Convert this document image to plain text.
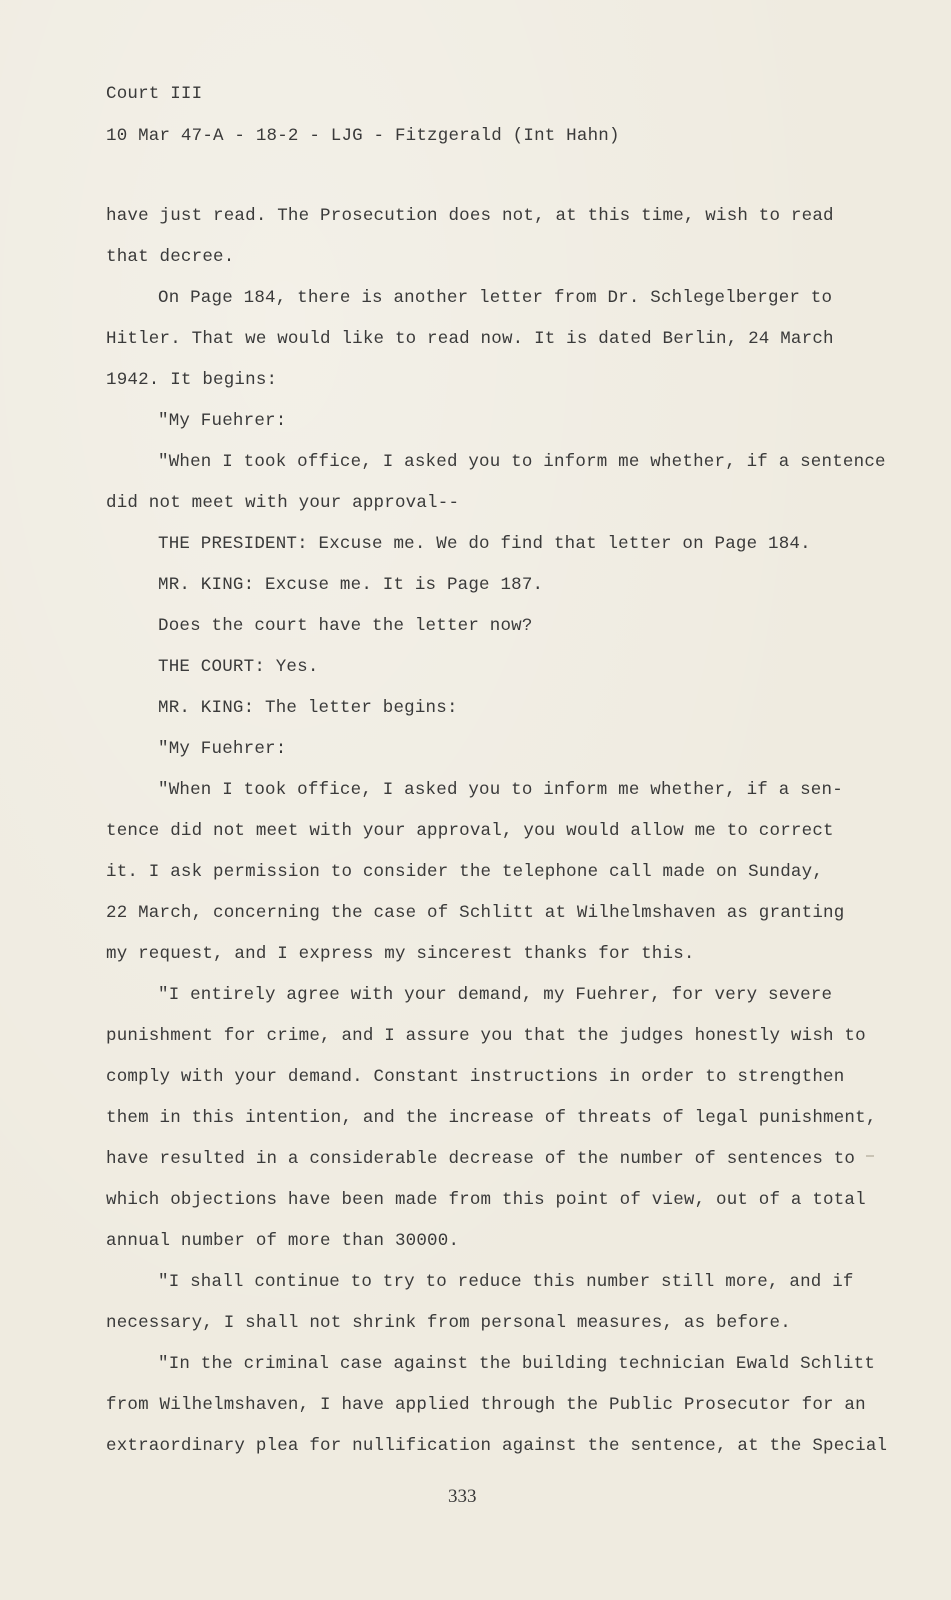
Court III
10 Mar 47-A - 18-2 - LJG - Fitzgerald (Int Hahn)
have just read. The Prosecution does not, at this time, wish to read
that decree.
On Page 184, there is another letter from Dr. Schlegelberger to
Hitler. That we would like to read now. It is dated Berlin, 24 March
1942. It begins:
"My Fuehrer:
"When I took office, I asked you to inform me whether, if a sentence
did not meet with your approval--
THE PRESIDENT: Excuse me. We do find that letter on Page 184.
MR. KING: Excuse me. It is Page 187.
Does the court have the letter now?
THE COURT: Yes.
MR. KING: The letter begins:
"My Fuehrer:
"When I took office, I asked you to inform me whether, if a sen-
tence did not meet with your approval, you would allow me to correct
it. I ask permission to consider the telephone call made on Sunday,
22 March, concerning the case of Schlitt at Wilhelmshaven as granting
my request, and I express my sincerest thanks for this.
"I entirely agree with your demand, my Fuehrer, for very severe
punishment for crime, and I assure you that the judges honestly wish to
comply with your demand. Constant instructions in order to strengthen
them in this intention, and the increase of threats of legal punishment,
have resulted in a considerable decrease of the number of sentences to
which objections have been made from this point of view, out of a total
annual number of more than 30000.
"I shall continue to try to reduce this number still more, and if
necessary, I shall not shrink from personal measures, as before.
"In the criminal case against the building technician Ewald Schlitt
from Wilhelmshaven, I have applied through the Public Prosecutor for an
extraordinary plea for nullification against the sentence, at the Special
333
